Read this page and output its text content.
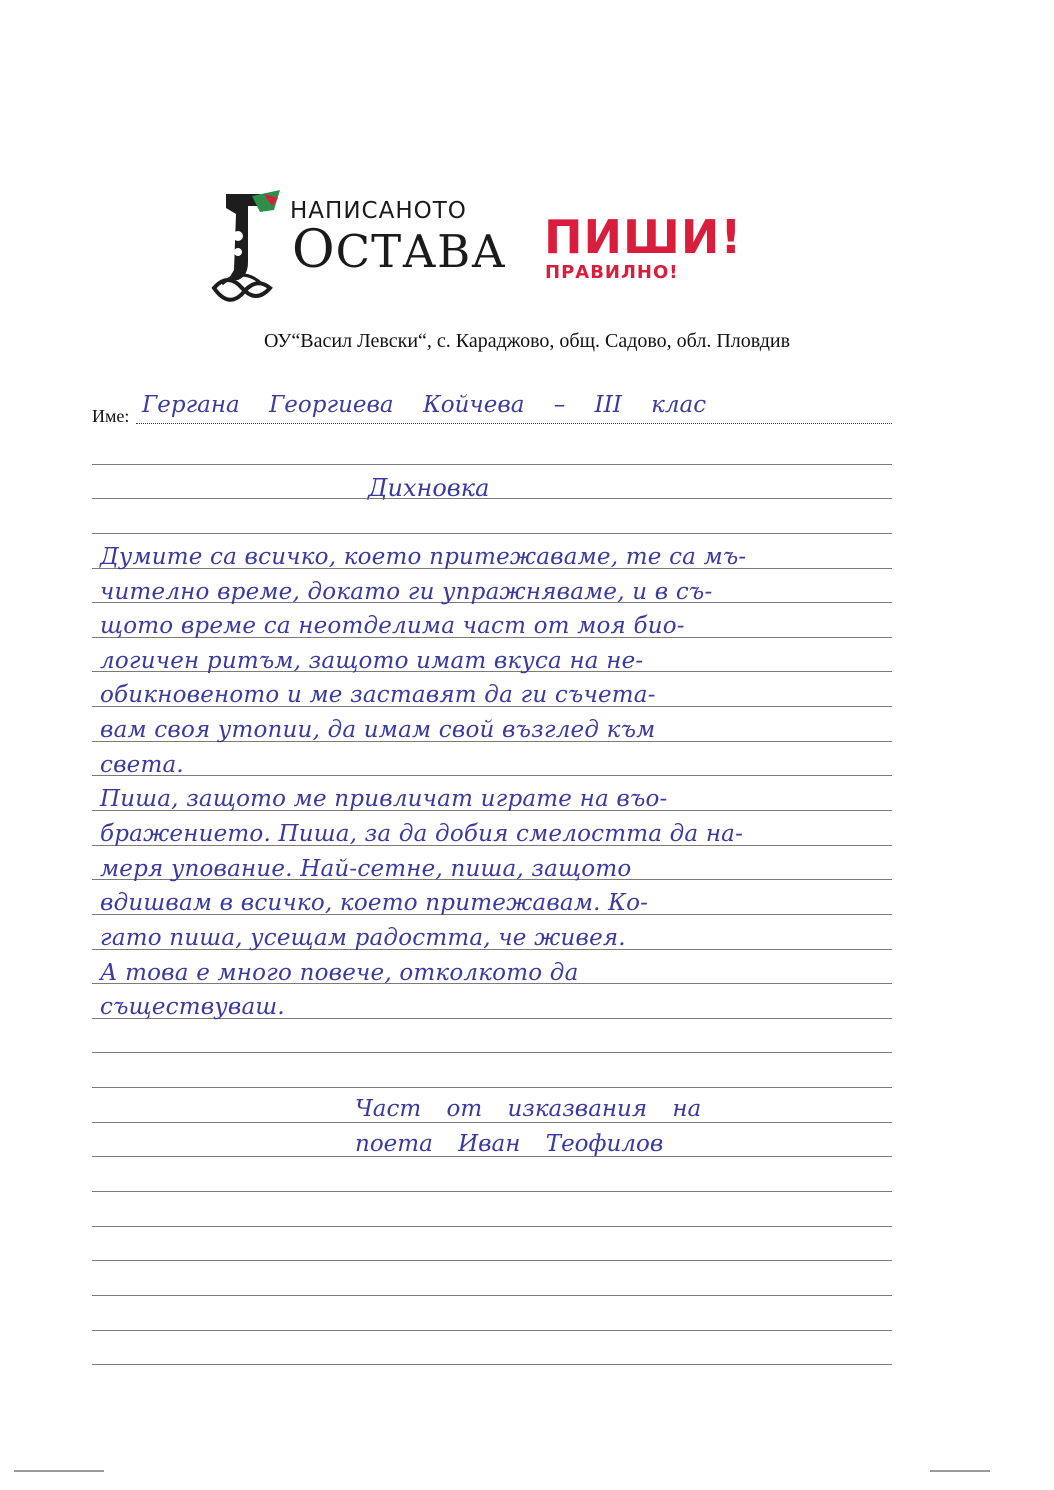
НАПИСАНОТО
ОСТАВА ПИШИ!
ПРАВИЛНО!
ОУ“Васил Левски“, с. Караджово, общ. Садово, обл. Пловдив
Име: Гергана Георгиева Койчева – III клас
Дихновка
Думите са всичко, което притежаваме, те са мъ-
чително време, докато ги упражняваме, и в съ-
щото време са неотделима част от моя био-
логичен ритъм, защото имат вкуса на не-
обикновеното и ме заставят да ги съчета-
вам своя утопии, да имам свой възглед към
света.
Пиша, защото ме привличат играте на въо-
бражението. Пиша, за да добия смелостта да на-
меря упование. Най-сетне, пиша, защото
вдишвам в всичко, което притежавам. Ко-
гато пиша, усещам радостта, че живея.
А това е много повече, отколкото да
съществуваш.
Част от изказвания на
поета Иван Теофилов
